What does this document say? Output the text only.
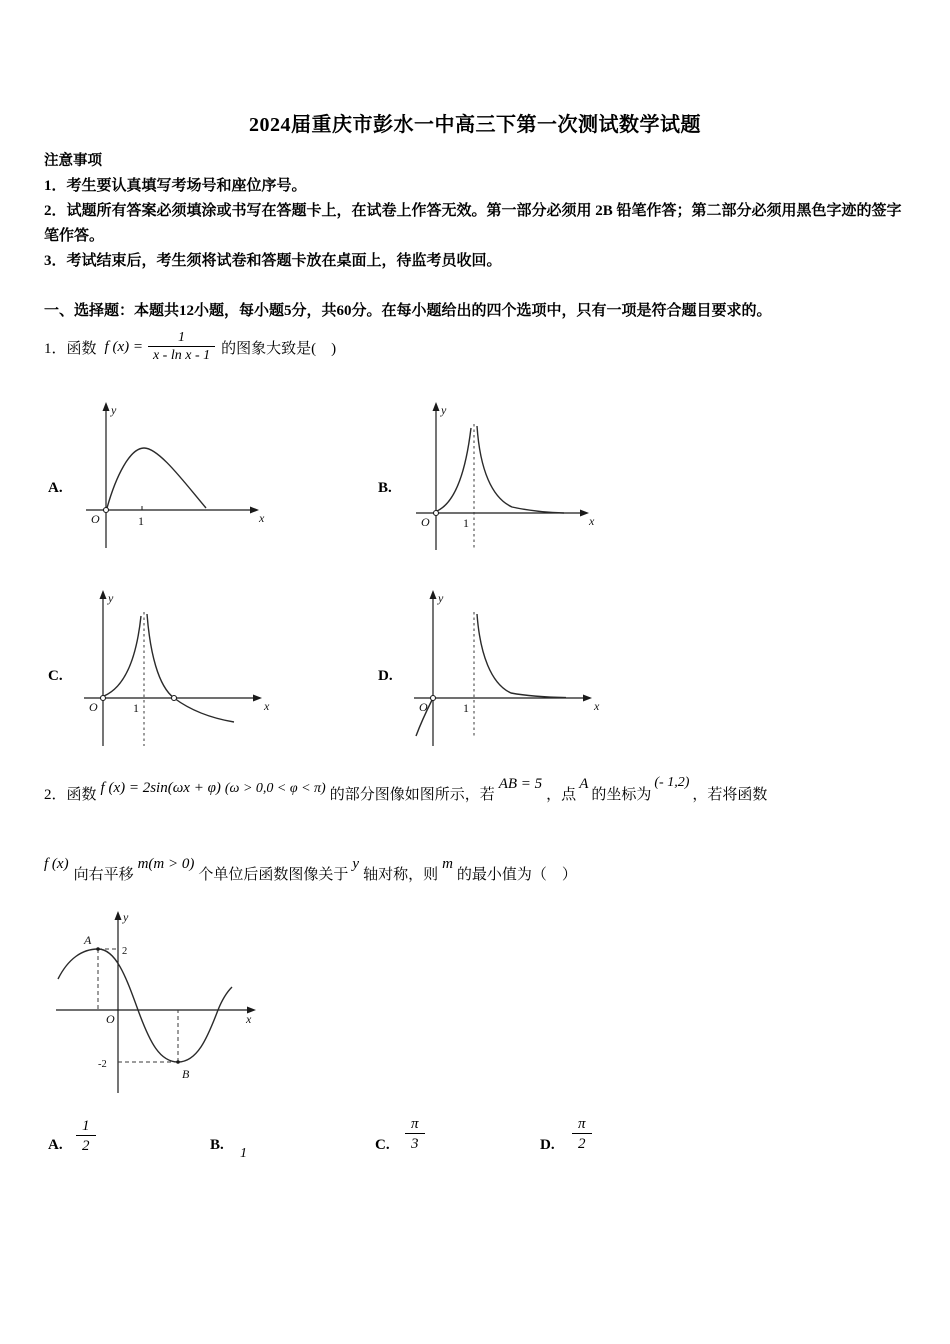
2024届重庆市彭水一中高三下第一次测试数学试题
注意事项
1．考生要认真填写考场号和座位序号。
2．试题所有答案必须填涂或书写在答题卡上，在试卷上作答无效。第一部分必须用 2B 铅笔作答；第二部分必须用黑色字迹的签字笔作答。
3．考试结束后，考生须将试卷和答题卡放在桌面上，待监考员收回。
一、选择题：本题共12小题，每小题5分，共60分。在每小题给出的四个选项中，只有一项是符合题目要求的。
1． 函数 f $(x) = \frac{1}{\text{x - ln x - 1}}$ 的图象大致是(　)
A.	B.
C.	D.
y
x
O	1
y
x
O	1
y
x
O	1
y
x
O	1
2．函数 f (x) = 2sin(ωx + φ) (ω > 0,0 < φ < π) 的部分图像如图所示，若AB = 5，点A的坐标为(- 1,2)，若将函数
f (x)向右平移m(m > 0)个单位后函数图像关于y轴对称，则m的最小值为（　）
y
x
O
A
B
2
-2
A. $\frac{1}{2}$	B.
1
C. $\frac{\pi}{3}$	D. $\frac{\pi}{2}$
